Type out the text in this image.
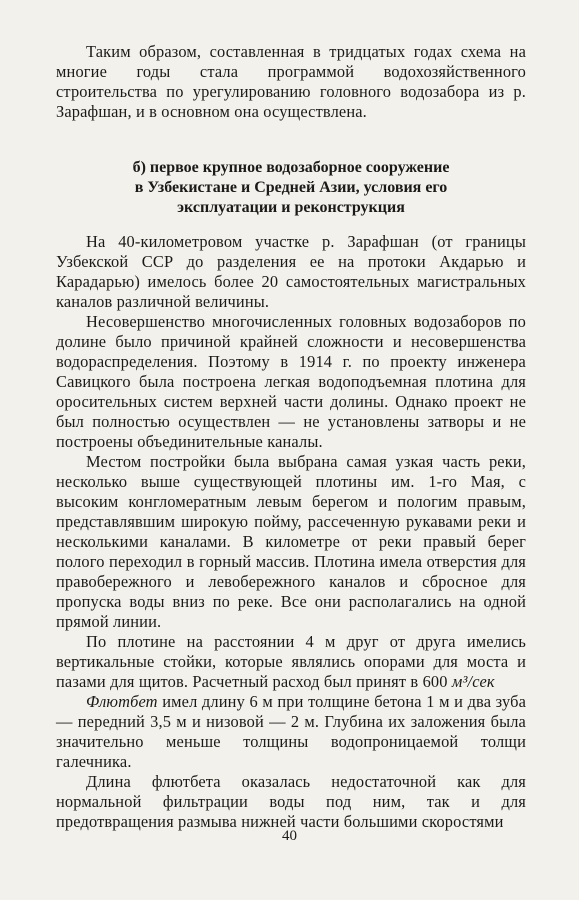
Таким образом, составленная в тридцатых годах схема на многие годы стала программой водохозяйственного строительства по урегулированию головного водозабора из р. Зарафшан, и в основном она осуществлена.

б) первое крупное водозаборное сооружение
в Узбекистане и Средней Азии, условия его
эксплуатации и реконструкция

На 40-километровом участке р. Зарафшан (от границы Узбекской ССР до разделения ее на протоки Акдарью и Карадарью) имелось более 20 самостоятельных магистральных каналов различной величины.

Несовершенство многочисленных головных водозаборов по долине было причиной крайней сложности и несовершенства водораспределения. Поэтому в 1914 г. по проекту инженера Савицкого была построена легкая водоподъемная плотина для оросительных систем верхней части долины. Однако проект не был полностью осуществлен — не установлены затворы и не построены объединительные каналы.

Местом постройки была выбрана самая узкая часть реки, несколько выше существующей плотины им. 1-го Мая, с высоким конгломератным левым берегом и пологим правым, представлявшим широкую пойму, рассеченную рукавами реки и несколькими каналами. В километре от реки правый берег полого переходил в горный массив. Плотина имела отверстия для правобережного и левобережного каналов и сбросное для пропуска воды вниз по реке. Все они располагались на одной прямой линии.

По плотине на расстоянии 4 м друг от друга имелись вертикальные стойки, которые являлись опорами для моста и пазами для щитов. Расчетный расход был принят в 600 м³/сек

Флютбет имел длину 6 м при толщине бетона 1 м и два зуба — передний 3,5 м и низовой — 2 м. Глубина их заложения была значительно меньше толщины водопроницаемой толщи галечника.

Длина флютбета оказалась недостаточной как для нормальной фильтрации воды под ним, так и для предотвращения размыва нижней части большими скоростями

40
